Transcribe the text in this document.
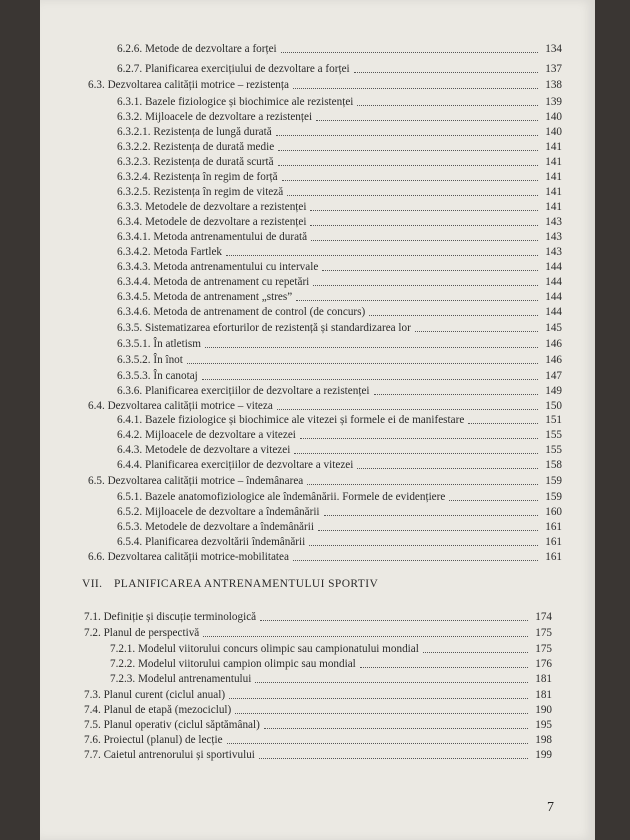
6.2.6. Metode de dezvoltare a forței	134
6.2.7. Planificarea exercițiului de dezvoltare a forței	137
6.3. Dezvoltarea calității motrice – rezistența	138
6.3.1. Bazele fiziologice și biochimice ale rezistenței	139
6.3.2. Mijloacele de dezvoltare a rezistenței	140
6.3.2.1. Rezistența de lungă durată	140
6.3.2.2. Rezistența de durată medie	141
6.3.2.3. Rezistența de durată scurtă	141
6.3.2.4. Rezistența în regim de forță	141
6.3.2.5. Rezistența în regim de viteză	141
6.3.3. Metodele de dezvoltare a rezistenței	141
6.3.4. Metodele de dezvoltare a rezistenței	143
6.3.4.1. Metoda antrenamentului de durată	143
6.3.4.2. Metoda Fartlek	143
6.3.4.3. Metoda antrenamentului cu intervale	144
6.3.4.4. Metoda de antrenament cu repetări	144
6.3.4.5. Metoda de antrenament „stres”	144
6.3.4.6. Metoda de antrenament de control (de concurs)	144
6.3.5. Sistematizarea eforturilor de rezistență și standardizarea lor	145
6.3.5.1. În atletism	146
6.3.5.2. În înot	146
6.3.5.3. În canotaj	147
6.3.6. Planificarea exercițiilor de dezvoltare a rezistenței	149
6.4. Dezvoltarea calității motrice – viteza	150
6.4.1. Bazele fiziologice și biochimice ale vitezei și formele ei de manifestare	151
6.4.2. Mijloacele de dezvoltare a vitezei	155
6.4.3. Metodele de dezvoltare a vitezei	155
6.4.4. Planificarea exercițiilor de dezvoltare a vitezei	158
6.5. Dezvoltarea calității motrice – îndemânarea	159
6.5.1. Bazele anatomofiziologice ale îndemânării. Formele de evidențiere	159
6.5.2. Mijloacele de dezvoltare a îndemânării	160
6.5.3. Metodele de dezvoltare a îndemânării	161
6.5.4. Planificarea dezvoltării îndemânării	161
6.6. Dezvoltarea calității motrice-mobilitatea	161
VII. PLANIFICAREA ANTRENAMENTULUI SPORTIV
7.1. Definiție și discuție terminologică	174
7.2. Planul de perspectivă	175
7.2.1. Modelul viitorului concurs olimpic sau campionatului mondial	175
7.2.2. Modelul viitorului campion olimpic sau mondial	176
7.2.3. Modelul antrenamentului	181
7.3. Planul curent (ciclul anual)	181
7.4. Planul de etapă (mezociclul)	190
7.5. Planul operativ (ciclul săptămânal)	195
7.6. Proiectul (planul) de lecție	198
7.7. Caietul antrenorului și sportivului	199
7
